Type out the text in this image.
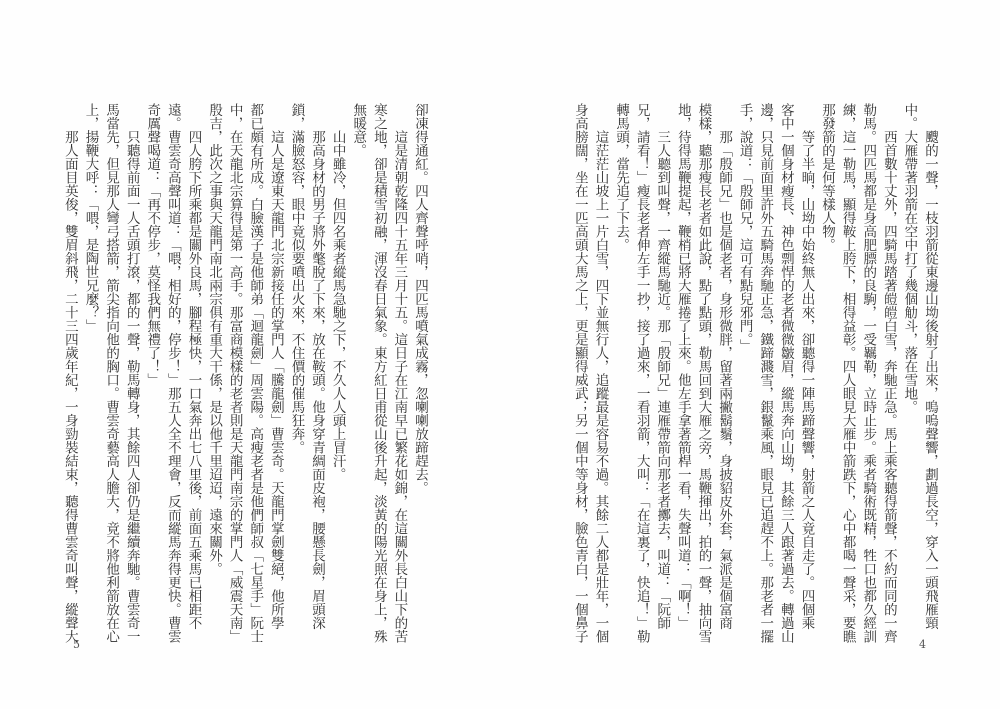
卻凍得通紅。四人齊聲呼哨，四匹馬噴氣成霧，忽喇喇放蹄趕去。
　　這是清朝乾隆四十五年三月十五。這日子在江南早已繁花如錦，在這關外長白山下的苦
寒之地，卻是積雪初融，渾沒春日氣象。東方紅日甫從山後升起，淡黃的陽光照在身上，殊
無暖意。
　　山中雖冷，但四名乘者縱馬急馳之下，不久人人頭上冒汗。
　　那高身材的男子將外氅脫了下來，放在鞍頭。他身穿青綢面皮袍，腰懸長劍，眉頭深
鎖，滿臉怒容，眼中竟似要噴出火來，不住價的催馬狂奔。
　　這人是遼東天龍門北宗新接任的掌門人「騰龍劍」曹雲奇。天龍門掌劍雙絕，他所學
都已頗有所成。白臉漢子是他師弟「迴龍劍」周雲陽。高瘦老者是他們師叔「七星手」阮士
中，在天龍北宗算得是第一高手。那富商模樣的老者則是天龍門南宗的掌門人「威震天南」
殷吉，此次之事與天龍門南北兩宗俱有重大干係，是以他千里迢迢，遠來關外。
　　四人胯下所乘都是關外良馬，腳程極快，一口氣奔出七八里後，前面五乘馬已相距不
遠。曹雲奇高聲叫道：「喂，相好的，停步！」那五人全不理會，反而縱馬奔得更快。曹雲
奇厲聲喝道：「再不停步，莫怪我們無禮了！」
　　只聽得前面一人舌頭打滾，都的一聲，勒馬轉身，其餘四人卻仍是繼續奔馳。曹雲奇一
馬當先，但見那人彎弓搭箭，箭尖指向他的胸口。曹雲奇藝高人膽大，竟不將他利箭放在心
上，揚鞭大呼：「喂，是陶世兄麼？」
　　那人面目英俊，雙眉斜飛，二十三四歲年紀，一身勁裝結束，聽得曹雲奇叫聲，縱聲大
5
　　颼的一聲，一枝羽箭從東邊山坳後射了出來，嗚嗚聲響，劃過長空，穿入一頭飛雁頸
中。大雁帶著羽箭在空中打了幾個觔斗，落在雪地。
　　西首數十丈外，四騎馬踏著皚皚白雪，奔馳正急。馬上乘客聽得箭聲，不約而同的一齊
勒馬。四匹馬都是身高肥膘的良駒，一受羈勒，立時止步。乘者騎術既精，牲口也都久經訓
練，這一勒馬，顯得鞍上胯下，相得益彰。四人眼見大雁中箭跌下，心中都喝一聲采，要瞧
那發箭的是何等樣人物。
　　等了半晌，山坳中始終無人出來，卻聽得一陣馬蹄聲響，射箭之人竟自走了。四個乘
客中一個身材瘦長、神色剽悍的老者微微皺眉，縱馬奔向山坳，其餘三人跟著過去。轉過山
邊，只見前面里許外五騎馬奔馳正急，鐵蹄濺雪，銀鬣乘風，眼見已追趕不上。那老者一擺
手，說道：「殷師兄，這可有點兒邪門。」
　　那「殷師兄」也是個老者，身形微胖，留著兩撇鬍鬚，身披貂皮外套，氣派是個富商
模樣，聽那瘦長老者如此說，點了點頭，勒馬回到大雁之旁，馬鞭揮出，拍的一聲，抽向雪
地，待得馬鞭提起，鞭梢已將大雁捲了上來。他左手拿著箭桿一看，失聲叫道：「啊！」
　　三人聽到叫聲，一齊縱馬馳近。那「殷師兄」連雁帶箭向那老者擲去，叫道：「阮師
兄，請看！」瘦長老者伸左手一抄，接了過來，一看羽箭，大叫：「在這裏了，快追！」勒
轉馬頭，當先追了下去。
　　這茫茫山坡上一片白雪，四下並無行人，追蹤最是容易不過。其餘二人都是壯年，一個
身高膀闊，坐在一匹高頭大馬之上，更是顯得威武；另一個中等身材，臉色青白，一個鼻子
4
